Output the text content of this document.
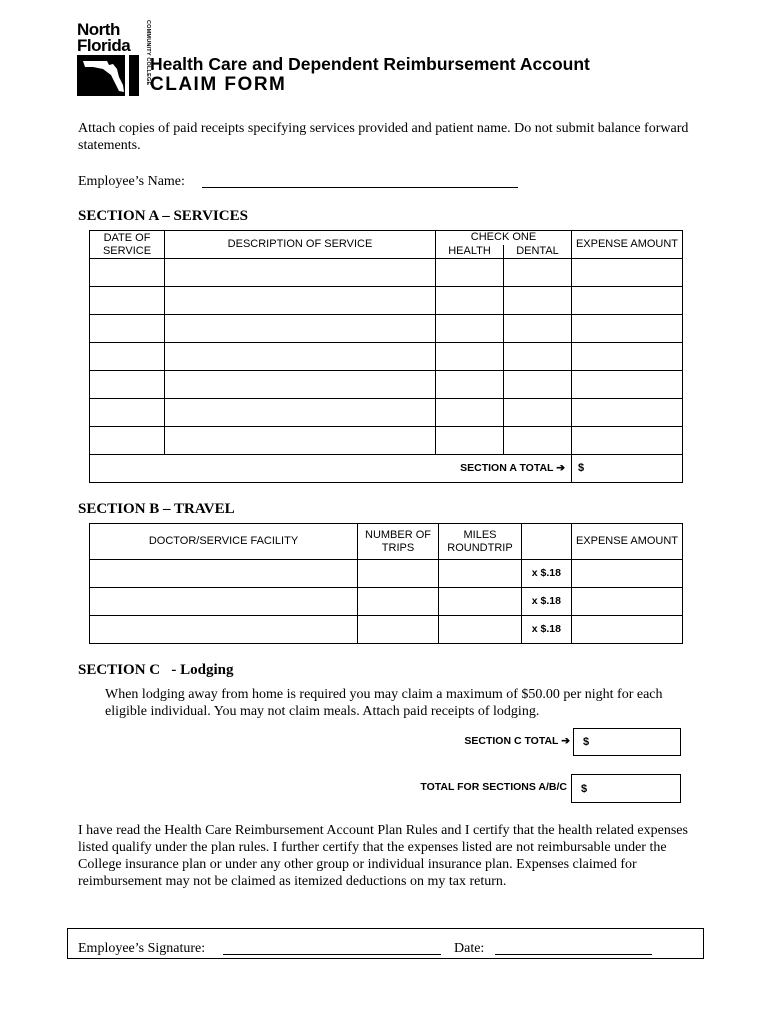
North
Florida	COMMUNITY COLLEGE Health Care and Dependent Reimbursement Account
CLAIM FORM
Attach copies of paid receipts specifying services provided and patient name. Do not submit balance forward statements.
Employee’s Name:
SECTION A – SERVICES
DATE OF SERVICE	DESCRIPTION OF SERVICE	CHECK ONE		EXPENSE AMOUNT
		HEALTH	DENTAL	

SECTION A TOTAL ➔				$
SECTION B – TRAVEL
DOCTOR/SERVICE FACILITY	NUMBER OF TRIPS	MILES ROUNDTRIP		EXPENSE AMOUNT
			x $.18	
			x $.18	
			x $.18	
SECTION C   - Lodging
When lodging away from home is required you may claim a maximum of $50.00 per night for each eligible individual. You may not claim meals. Attach paid receipts of lodging.
SECTION C TOTAL ➔	$
TOTAL FOR SECTIONS A/B/C	$
I have read the Health Care Reimbursement Account Plan Rules and I certify that the health related expenses listed qualify under the plan rules. I further certify that the expenses listed are not reimbursable under the College insurance plan or under any other group or individual insurance plan. Expenses claimed for reimbursement may not be claimed as itemized deductions on my tax return.
Employee’s Signature:	Date:
